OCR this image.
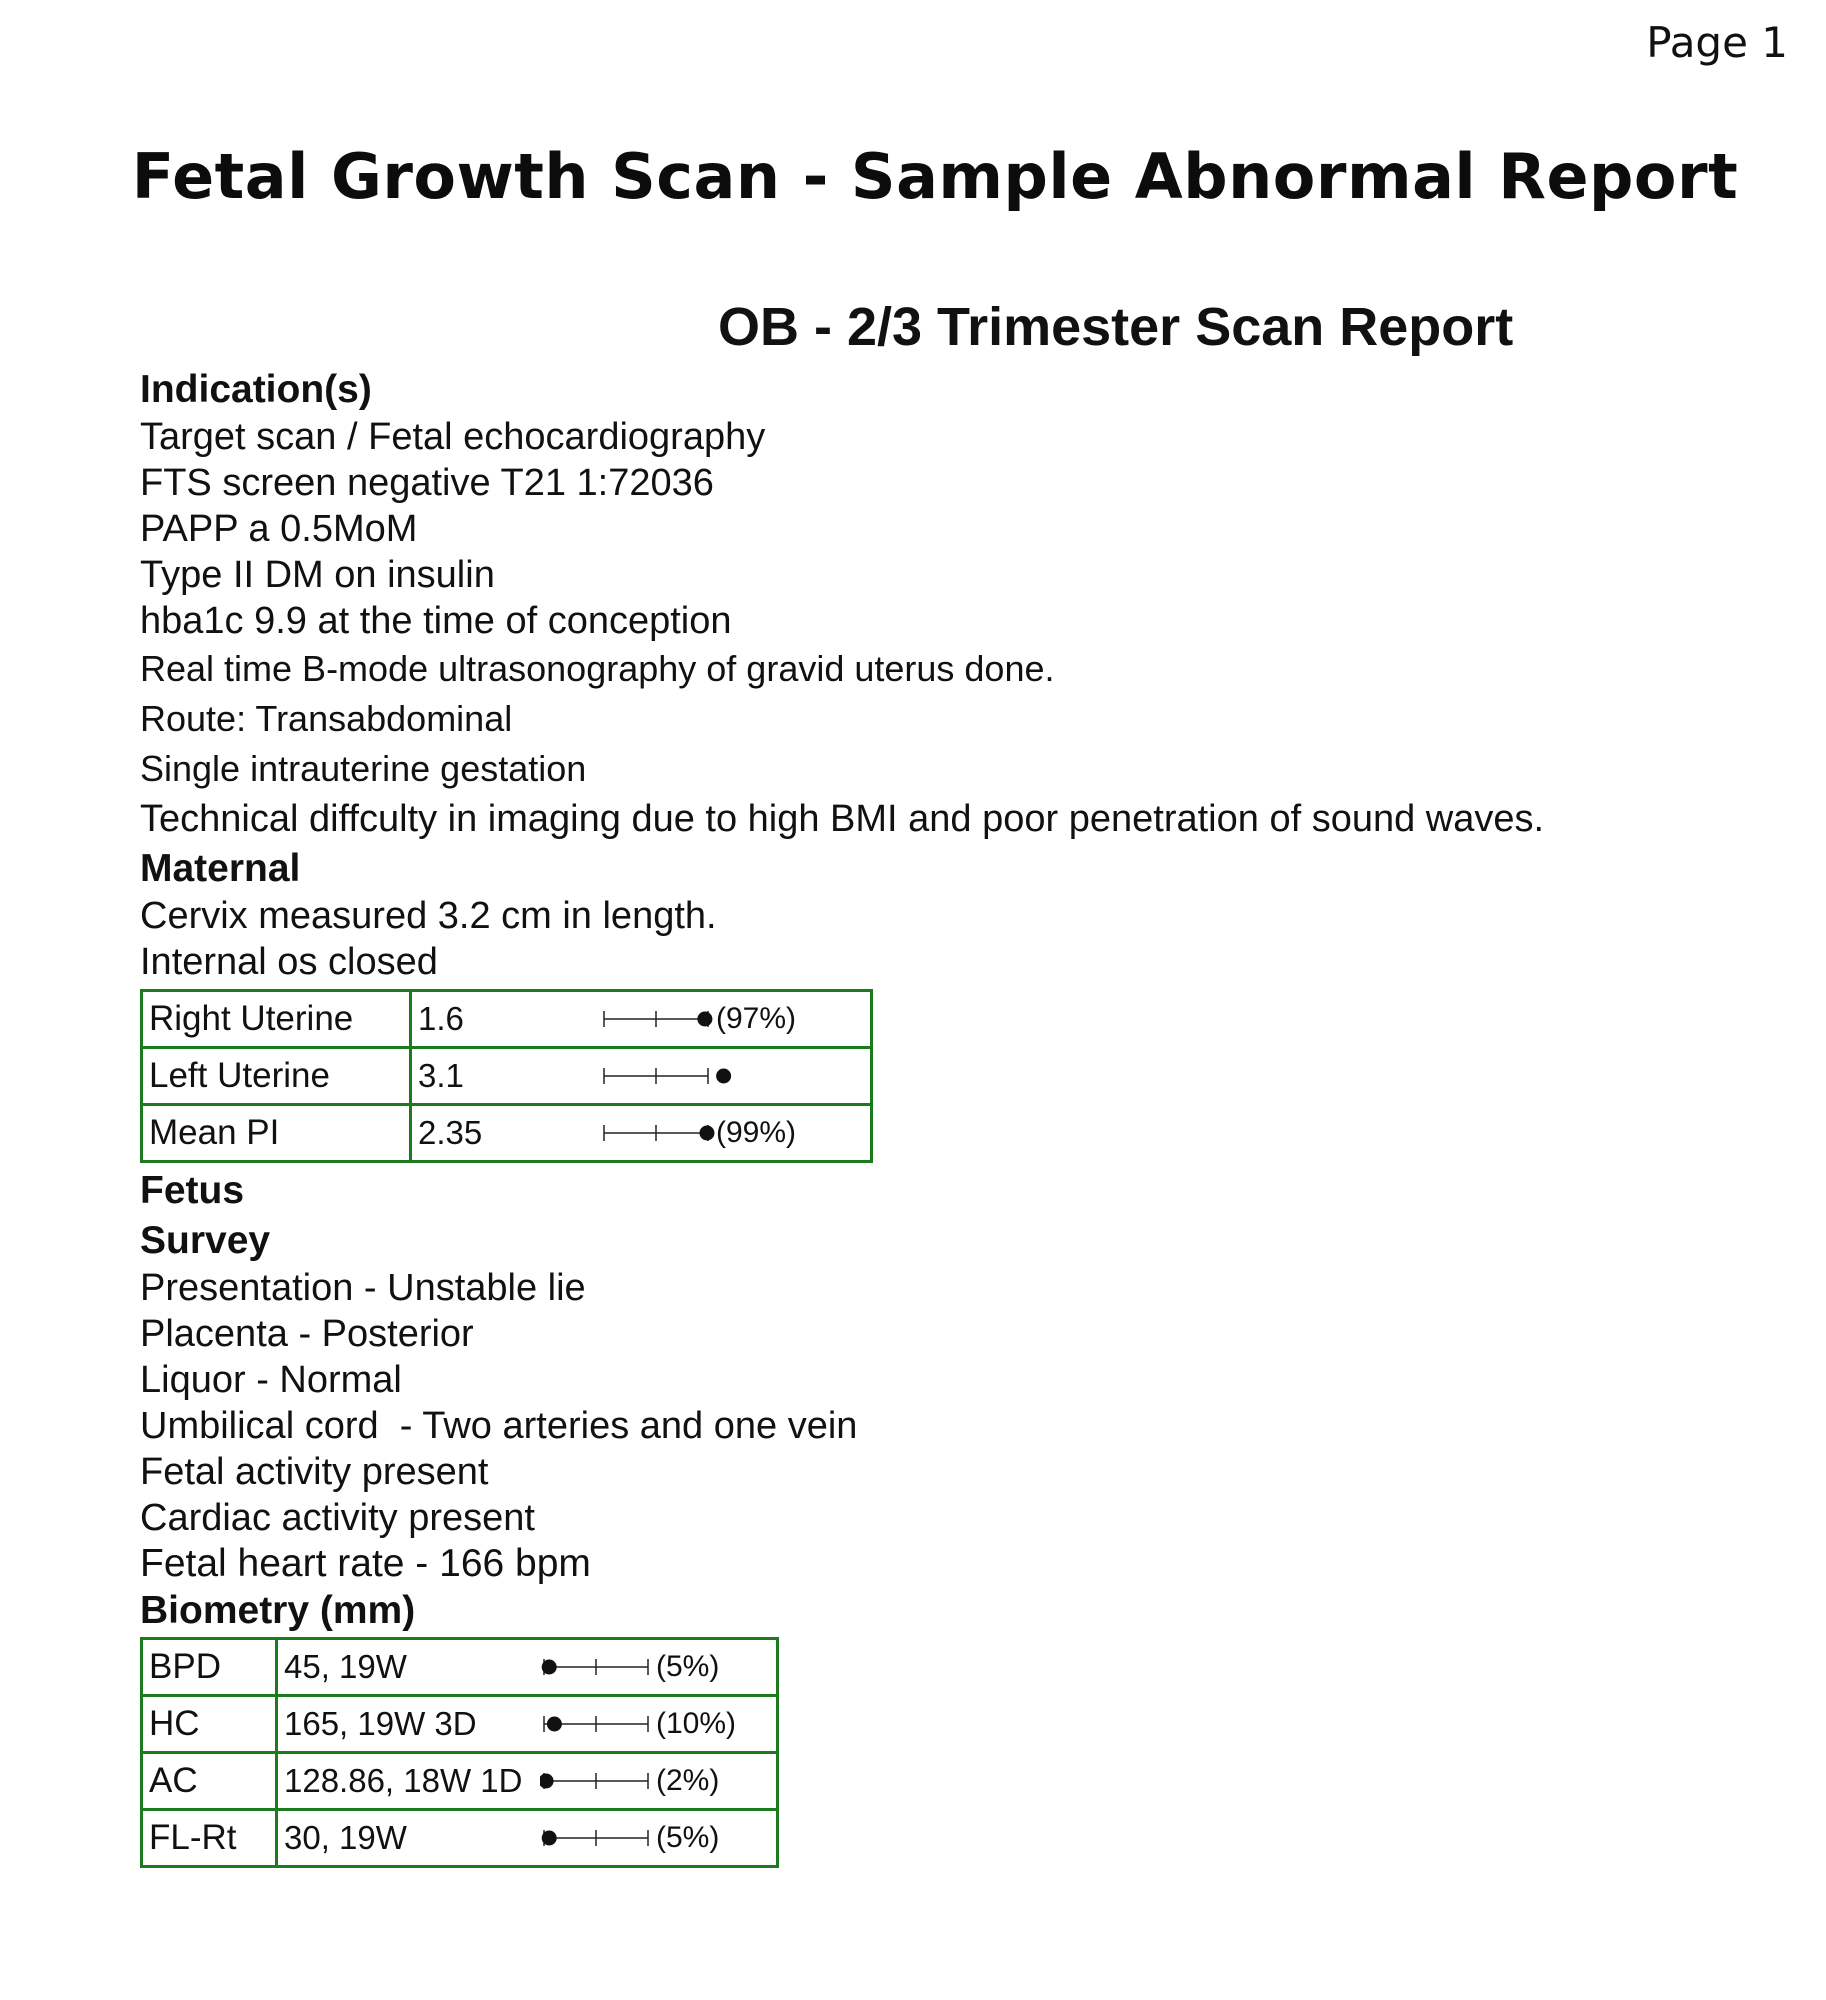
Page 1
Fetal Growth Scan - Sample Abnormal Report
OB - 2/3 Trimester Scan Report
Indication(s)
Target scan / Fetal echocardiography
FTS screen negative T21 1:72036
PAPP a 0.5MoM
Type II DM on insulin
hba1c 9.9 at the time of conception
Real time B-mode ultrasonography of gravid uterus done.
Route: Transabdominal
Single intrauterine gestation
Technical diffculty in imaging due to high BMI and poor penetration of sound waves.
Maternal
Cervix measured 3.2 cm in length.
Internal os closed
Right Uterine	1.6 (97%)

Left Uterine	3.1

Mean PI	2.35 (99%)
Fetus
Survey
Presentation - Unstable lie
Placenta - Posterior
Liquor - Normal
Umbilical cord  - Two arteries and one vein
Fetal activity present
Cardiac activity present
Fetal heart rate - 166 bpm
Biometry (mm)
BPD	45, 19W (5%)

HC	165, 19W 3D (10%)

AC	128.86, 18W 1D (2%)

FL-Rt	30, 19W (5%)
